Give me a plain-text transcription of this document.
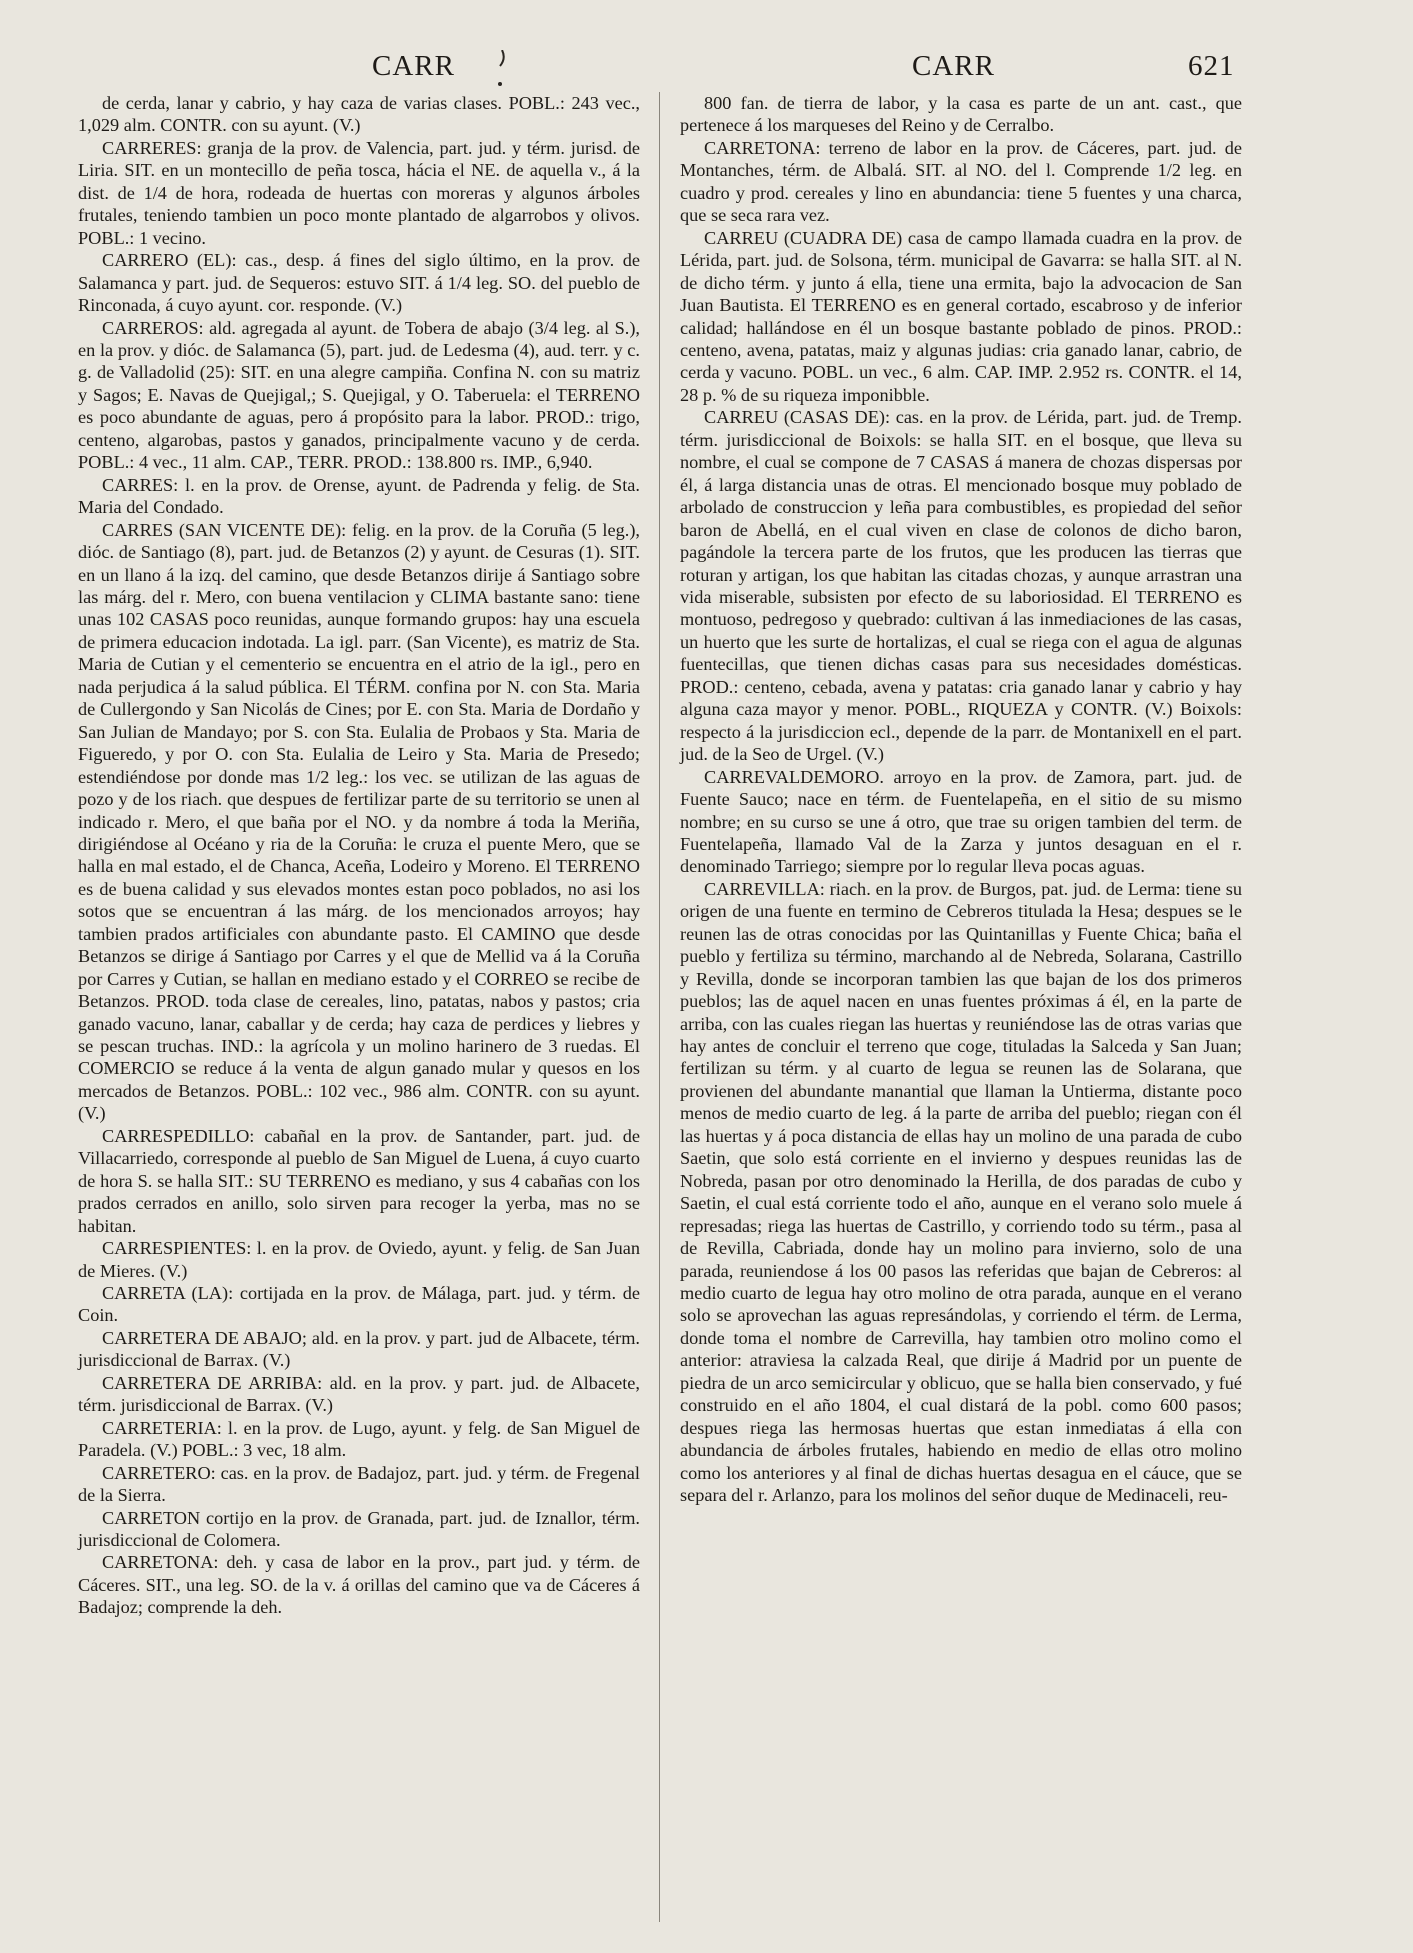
CARR	CARR	621

de cerda, lanar y cabrio, y hay caza de varias clases. POBL.: 243 vec., 1,029 alm. CONTR. con su ayunt. (V.)

CARRERES: granja de la prov. de Valencia, part. jud. y térm. jurisd. de Liria. SIT. en un montecillo de peña tosca, hácia el NE. de aquella v., á la dist. de 1/4 de hora, rodeada de huertas con moreras y algunos árboles frutales, teniendo tambien un poco monte plantado de algarrobos y olivos. POBL.: 1 vecino.

CARRERO (EL): cas., desp. á fines del siglo último, en la prov. de Salamanca y part. jud. de Sequeros: estuvo SIT. á 1/4 leg. SO. del pueblo de Rinconada, á cuyo ayunt. cor. responde. (V.)

CARREROS: ald. agregada al ayunt. de Tobera de abajo (3/4 leg. al S.), en la prov. y dióc. de Salamanca (5), part. jud. de Ledesma (4), aud. terr. y c. g. de Valladolid (25): SIT. en una alegre campiña. Confina N. con su matriz y Sagos; E. Navas de Quejigal,; S. Quejigal, y O. Taberuela: el TERRENO es poco abundante de aguas, pero á propósito para la labor. PROD.: trigo, centeno, algarobas, pastos y ganados, principalmente vacuno y de cerda. POBL.: 4 vec., 11 alm. CAP., TERR. PROD.: 138.800 rs. IMP., 6,940.

CARRES: l. en la prov. de Orense, ayunt. de Padrenda y felig. de Sta. Maria del Condado.

CARRES (SAN VICENTE DE): felig. en la prov. de la Coruña (5 leg.), dióc. de Santiago (8), part. jud. de Betanzos (2) y ayunt. de Cesuras (1). SIT. en un llano á la izq. del camino, que desde Betanzos dirije á Santiago sobre las márg. del r. Mero, con buena ventilacion y CLIMA bastante sano: tiene unas 102 CASAS poco reunidas, aunque formando grupos: hay una escuela de primera educacion indotada. La igl. parr. (San Vicente), es matriz de Sta. Maria de Cutian y el cementerio se encuentra en el atrio de la igl., pero en nada perjudica á la salud pública. El TÉRM. confina por N. con Sta. Maria de Cullergondo y San Nicolás de Cines; por E. con Sta. Maria de Dordaño y San Julian de Mandayo; por S. con Sta. Eulalia de Probaos y Sta. Maria de Figueredo, y por O. con Sta. Eulalia de Leiro y Sta. Maria de Presedo; estendiéndose por donde mas 1/2 leg.: los vec. se utilizan de las aguas de pozo y de los riach. que despues de fertilizar parte de su territorio se unen al indicado r. Mero, el que baña por el NO. y da nombre á toda la Meriña, dirigiéndose al Océano y ria de la Coruña: le cruza el puente Mero, que se halla en mal estado, el de Chanca, Aceña, Lodeiro y Moreno. El TERRENO es de buena calidad y sus elevados montes estan poco poblados, no asi los sotos que se encuentran á las márg. de los mencionados arroyos; hay tambien prados artificiales con abundante pasto. El CAMINO que desde Betanzos se dirige á Santiago por Carres y el que de Mellid va á la Coruña por Carres y Cutian, se hallan en mediano estado y el CORREO se recibe de Betanzos. PROD. toda clase de cereales, lino, patatas, nabos y pastos; cria ganado vacuno, lanar, caballar y de cerda; hay caza de perdices y liebres y se pescan truchas. IND.: la agrícola y un molino harinero de 3 ruedas. El COMERCIO se reduce á la venta de algun ganado mular y quesos en los mercados de Betanzos. POBL.: 102 vec., 986 alm. CONTR. con su ayunt. (V.)

CARRESPEDILLO: cabañal en la prov. de Santander, part. jud. de Villacarriedo, corresponde al pueblo de San Miguel de Luena, á cuyo cuarto de hora S. se halla SIT.: SU TERRENO es mediano, y sus 4 cabañas con los prados cerrados en anillo, solo sirven para recoger la yerba, mas no se habitan.

CARRESPIENTES: l. en la prov. de Oviedo, ayunt. y felig. de San Juan de Mieres. (V.)

CARRETA (LA): cortijada en la prov. de Málaga, part. jud. y térm. de Coin.

CARRETERA DE ABAJO; ald. en la prov. y part. jud de Albacete, térm. jurisdiccional de Barrax. (V.)

CARRETERA DE ARRIBA: ald. en la prov. y part. jud. de Albacete, térm. jurisdiccional de Barrax. (V.)

CARRETERIA: l. en la prov. de Lugo, ayunt. y felg. de San Miguel de Paradela. (V.) POBL.: 3 vec, 18 alm.

CARRETERO: cas. en la prov. de Badajoz, part. jud. y térm. de Fregenal de la Sierra.

CARRETON cortijo en la prov. de Granada, part. jud. de Iznallor, térm. jurisdiccional de Colomera.

CARRETONA: deh. y casa de labor en la prov., part jud. y térm. de Cáceres. SIT., una leg. SO. de la v. á orillas del camino que va de Cáceres á Badajoz; comprende la deh.

800 fan. de tierra de labor, y la casa es parte de un ant. cast., que pertenece á los marqueses del Reino y de Cerralbo.

CARRETONA: terreno de labor en la prov. de Cáceres, part. jud. de Montanches, térm. de Albalá. SIT. al NO. del l. Comprende 1/2 leg. en cuadro y prod. cereales y lino en abundancia: tiene 5 fuentes y una charca, que se seca rara vez.

CARREU (CUADRA DE) casa de campo llamada cuadra en la prov. de Lérida, part. jud. de Solsona, térm. municipal de Gavarra: se halla SIT. al N. de dicho térm. y junto á ella, tiene una ermita, bajo la advocacion de San Juan Bautista. El TERRENO es en general cortado, escabroso y de inferior calidad; hallándose en él un bosque bastante poblado de pinos. PROD.: centeno, avena, patatas, maiz y algunas judias: cria ganado lanar, cabrio, de cerda y vacuno. POBL. un vec., 6 alm. CAP. IMP. 2.952 rs. CONTR. el 14, 28 p. % de su riqueza imponibble.

CARREU (CASAS DE): cas. en la prov. de Lérida, part. jud. de Tremp. térm. jurisdiccional de Boixols: se halla SIT. en el bosque, que lleva su nombre, el cual se compone de 7 CASAS á manera de chozas dispersas por él, á larga distancia unas de otras. El mencionado bosque muy poblado de arbolado de construccion y leña para combustibles, es propiedad del señor baron de Abellá, en el cual viven en clase de colonos de dicho baron, pagándole la tercera parte de los frutos, que les producen las tierras que roturan y artigan, los que habitan las citadas chozas, y aunque arrastran una vida miserable, subsisten por efecto de su laboriosidad. El TERRENO es montuoso, pedregoso y quebrado: cultivan á las inmediaciones de las casas, un huerto que les surte de hortalizas, el cual se riega con el agua de algunas fuentecillas, que tienen dichas casas para sus necesidades domésticas. PROD.: centeno, cebada, avena y patatas: cria ganado lanar y cabrio y hay alguna caza mayor y menor. POBL., RIQUEZA y CONTR. (V.) Boixols: respecto á la jurisdiccion ecl., depende de la parr. de Montanixell en el part. jud. de la Seo de Urgel. (V.)

CARREVALDEMORO. arroyo en la prov. de Zamora, part. jud. de Fuente Sauco; nace en térm. de Fuentelapeña, en el sitio de su mismo nombre; en su curso se une á otro, que trae su origen tambien del term. de Fuentelapeña, llamado Val de la Zarza y juntos desaguan en el r. denominado Tarriego; siempre por lo regular lleva pocas aguas.

CARREVILLA: riach. en la prov. de Burgos, pat. jud. de Lerma: tiene su origen de una fuente en termino de Cebreros titulada la Hesa; despues se le reunen las de otras conocidas por las Quintanillas y Fuente Chica; baña el pueblo y fertiliza su término, marchando al de Nebreda, Solarana, Castrillo y Revilla, donde se incorporan tambien las que bajan de los dos primeros pueblos; las de aquel nacen en unas fuentes próximas á él, en la parte de arriba, con las cuales riegan las huertas y reuniéndose las de otras varias que hay antes de concluir el terreno que coge, tituladas la Salceda y San Juan; fertilizan su térm. y al cuarto de legua se reunen las de Solarana, que provienen del abundante manantial que llaman la Untierma, distante poco menos de medio cuarto de leg. á la parte de arriba del pueblo; riegan con él las huertas y á poca distancia de ellas hay un molino de una parada de cubo Saetin, que solo está corriente en el invierno y despues reunidas las de Nobreda, pasan por otro denominado la Herilla, de dos paradas de cubo y Saetin, el cual está corriente todo el año, aunque en el verano solo muele á represadas; riega las huertas de Castrillo, y corriendo todo su térm., pasa al de Revilla, Cabriada, donde hay un molino para invierno, solo de una parada, reuniendose á los 00 pasos las referidas que bajan de Cebreros: al medio cuarto de legua hay otro molino de otra parada, aunque en el verano solo se aprovechan las aguas represándolas, y corriendo el térm. de Lerma, donde toma el nombre de Carrevilla, hay tambien otro molino como el anterior: atraviesa la calzada Real, que dirije á Madrid por un puente de piedra de un arco semicircular y oblicuo, que se halla bien conservado, y fué construido en el año 1804, el cual distará de la pobl. como 600 pasos; despues riega las hermosas huertas que estan inmediatas á ella con abundancia de árboles frutales, habiendo en medio de ellas otro molino como los anteriores y al final de dichas huertas desagua en el cáuce, que se separa del r. Arlanzo, para los molinos del señor duque de Medinaceli, reu-
